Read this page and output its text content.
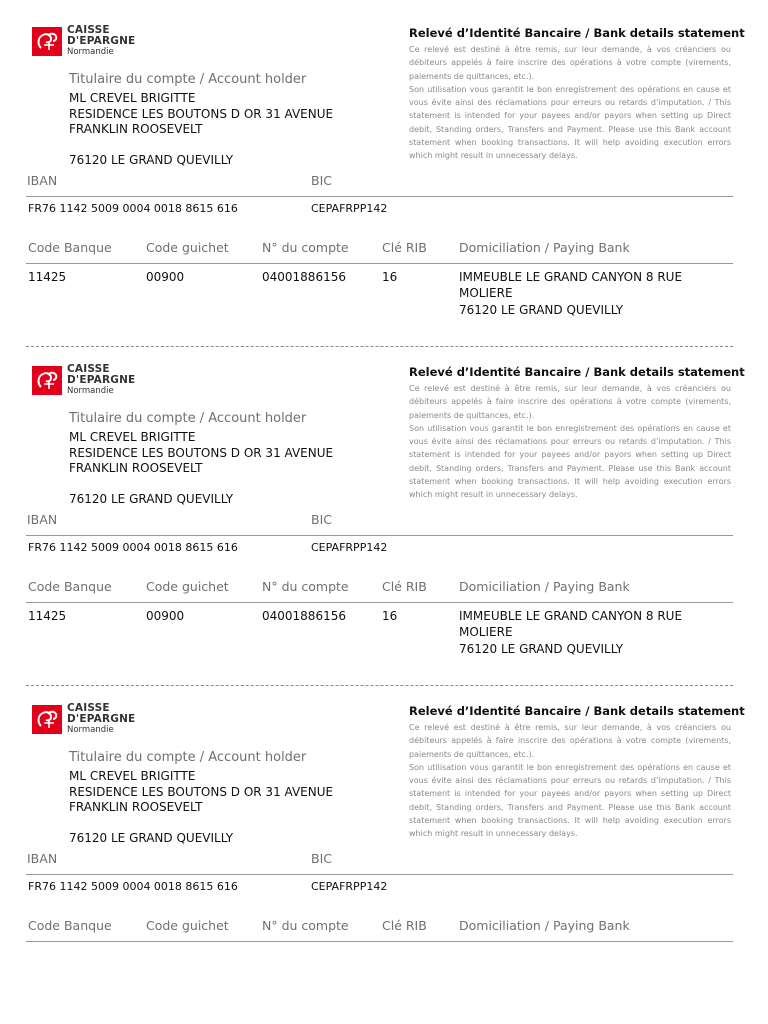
CAISSE
D'EPARGNE
Normandie
Titulaire du compte / Account holder
ML CREVEL BRIGITTE
RESIDENCE LES BOUTONS D OR 31 AVENUE
FRANKLIN ROOSEVELT
76120 LE GRAND QUEVILLY
Relevé d’Identité Bancaire / Bank details statement

Ce relevé est destiné à être remis, sur leur demande, à vos créanciers ou débiteurs appelés à faire inscrire des opérations à votre compte (virements, paiements de quittances, etc.).

Son utilisation vous garantit le bon enregistrement des opérations en cause et vous évite ainsi des réclamations pour erreurs ou retards d’imputation. / This statement is intended for your payees and/or payors when setting up Direct debit, Standing orders, Transfers and Payment. Please use this Bank account statement when booking transactions. It will help avoiding execution errors which might result in unnecessary delays.

IBAN	BIC
FR76 1142 5009 0004 0018 8615 616	CEPAFRPP142
Code Banque	Code guichet	N° du compte	Clé RIB	Domiciliation / Paying Bank
11425	00900	04001886156	16	IMMEUBLE LE GRAND CANYON 8 RUE
MOLIERE
76120 LE GRAND QUEVILLY
CAISSE
D'EPARGNE
Normandie
Titulaire du compte / Account holder
ML CREVEL BRIGITTE
RESIDENCE LES BOUTONS D OR 31 AVENUE
FRANKLIN ROOSEVELT
76120 LE GRAND QUEVILLY
Relevé d’Identité Bancaire / Bank details statement

Ce relevé est destiné à être remis, sur leur demande, à vos créanciers ou débiteurs appelés à faire inscrire des opérations à votre compte (virements, paiements de quittances, etc.).

Son utilisation vous garantit le bon enregistrement des opérations en cause et vous évite ainsi des réclamations pour erreurs ou retards d’imputation. / This statement is intended for your payees and/or payors when setting up Direct debit, Standing orders, Transfers and Payment. Please use this Bank account statement when booking transactions. It will help avoiding execution errors which might result in unnecessary delays.

IBAN	BIC
FR76 1142 5009 0004 0018 8615 616	CEPAFRPP142
Code Banque	Code guichet	N° du compte	Clé RIB	Domiciliation / Paying Bank
11425	00900	04001886156	16	IMMEUBLE LE GRAND CANYON 8 RUE
MOLIERE
76120 LE GRAND QUEVILLY
CAISSE
D'EPARGNE
Normandie
Titulaire du compte / Account holder
ML CREVEL BRIGITTE
RESIDENCE LES BOUTONS D OR 31 AVENUE
FRANKLIN ROOSEVELT
76120 LE GRAND QUEVILLY
Relevé d’Identité Bancaire / Bank details statement

Ce relevé est destiné à être remis, sur leur demande, à vos créanciers ou débiteurs appelés à faire inscrire des opérations à votre compte (virements, paiements de quittances, etc.).

Son utilisation vous garantit le bon enregistrement des opérations en cause et vous évite ainsi des réclamations pour erreurs ou retards d’imputation. / This statement is intended for your payees and/or payors when setting up Direct debit, Standing orders, Transfers and Payment. Please use this Bank account statement when booking transactions. It will help avoiding execution errors which might result in unnecessary delays.

IBAN	BIC
FR76 1142 5009 0004 0018 8615 616	CEPAFRPP142
Code Banque	Code guichet	N° du compte	Clé RIB	Domiciliation / Paying Bank
